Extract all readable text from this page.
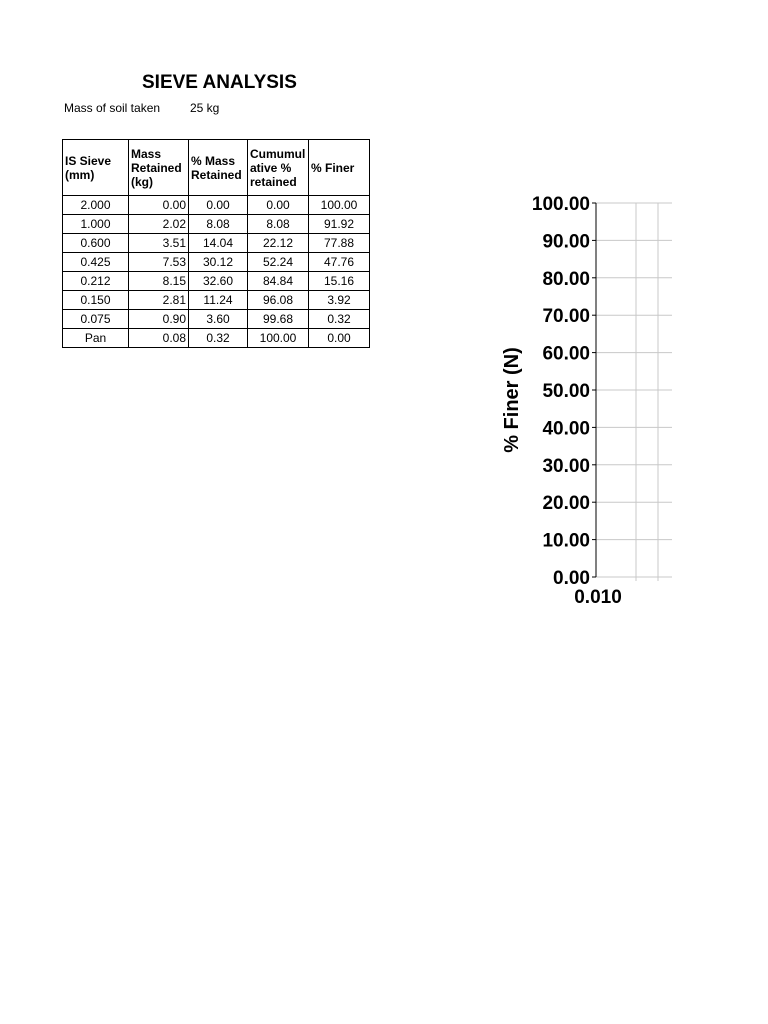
SIEVE ANALYSIS
Mass of soil taken 25 kg
IS Sieve
(mm)	Mass
Retained
(kg)	% Mass
Retained	Cumumul
ative %
retained	% Finer
2.000	0.00	0.00	0.00	100.00
1.000	2.02	8.08	8.08	91.92
0.600	3.51	14.04	22.12	77.88
0.425	7.53	30.12	52.24	47.76
0.212	8.15	32.60	84.84	15.16
0.150	2.81	11.24	96.08	3.92
0.075	0.90	3.60	99.68	0.32
Pan	0.08	0.32	100.00	0.00
0.00
10.00
20.00
30.00
40.00
50.00
60.00
70.00
80.00
90.00
100.00
0.010
% Finer (N)
